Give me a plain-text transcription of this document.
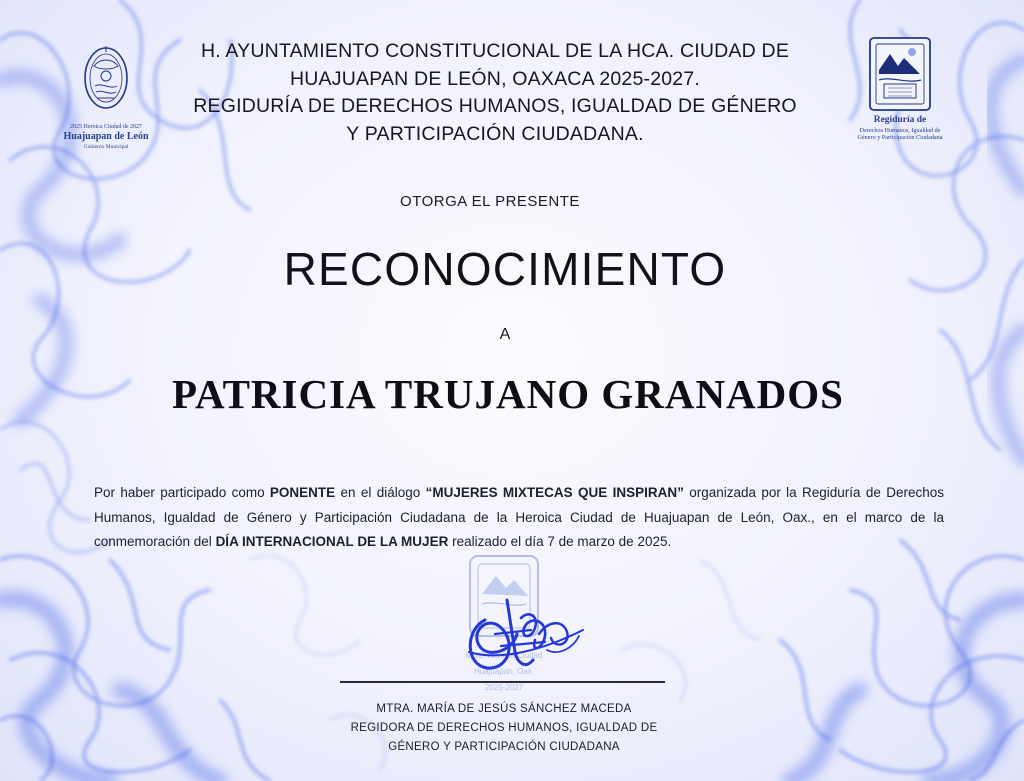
2025 Heroica Ciudad de 2027
Huajuapan de León
Gobierno Municipal
Regiduría de
Derechos Humanos, Igualdad de
Género y Participación Ciudadana
H. AYUNTAMIENTO CONSTITUCIONAL DE LA HCA. CIUDAD DE
HUAJUAPAN DE LEÓN, OAXACA 2025-2027.
REGIDURÍA DE DERECHOS HUMANOS, IGUALDAD DE GÉNERO
Y PARTICIPACIÓN CIUDADANA.
OTORGA EL PRESENTE
RECONOCIMIENTO
A
PATRICIA TRUJANO GRANADOS
Por haber participado como PONENTE en el diálogo “MUJERES MIXTECAS QUE INSPIRAN” organizada por la Regiduría de Derechos Humanos, Igualdad de Género y Participación Ciudadana de la Heroica Ciudad de Huajuapan de León, Oax., en el marco de la conmemoración del DÍA INTERNACIONAL DE LA MUJER realizado el día 7 de marzo de 2025.
Mpio. Heroica Ciudad
Huajuapan, Oax.
2025-2027
MTRA. MARÍA DE JESÚS SÁNCHEZ MACEDA
REGIDORA DE DERECHOS HUMANOS, IGUALDAD DE
GÉNERO Y PARTICIPACIÓN CIUDADANA
